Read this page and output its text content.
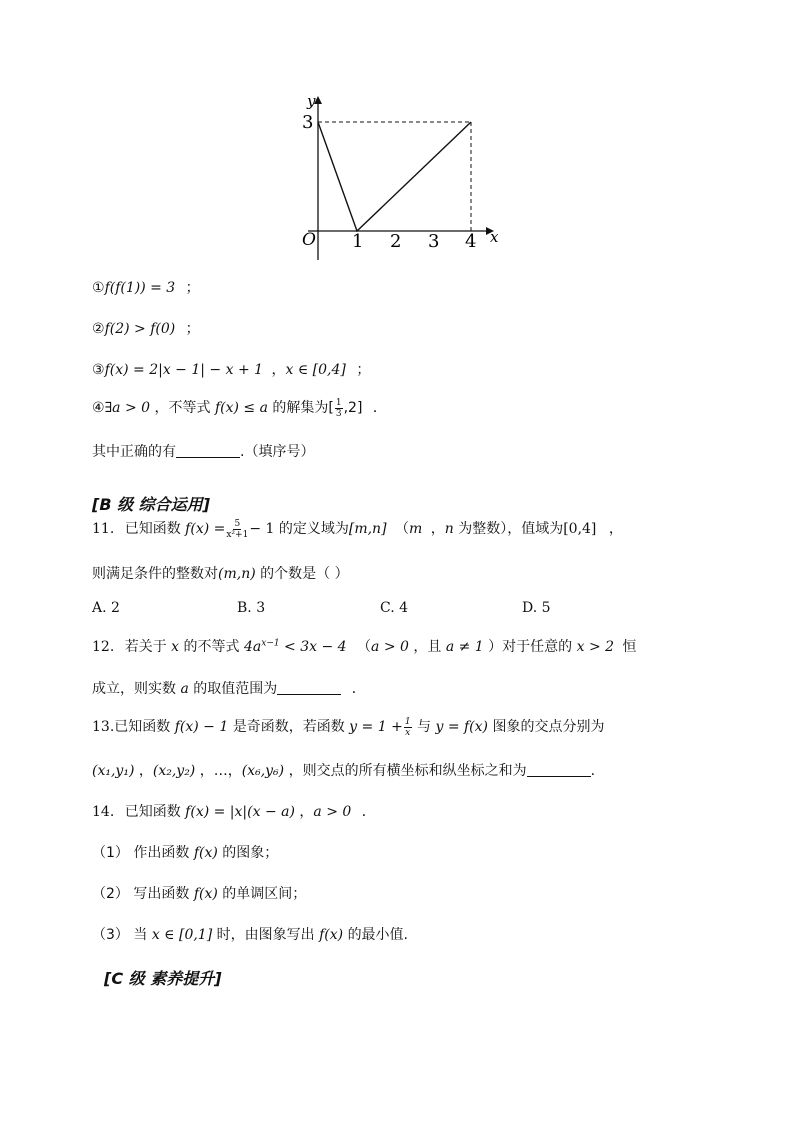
y
x
O
3
1 2 3 4
①f(f(1)) = 3 ；
②f(2) > f(0) ；
③f(x) = 2|x − 1| − x + 1 ，x ∈ [0,4] ；
④∃a > 0 ，不等式 f(x) ≤ a 的解集为[ $\frac{1}{3} ,2$] ．
其中正确的有	.（填序号）
[B 级 综合运用]
11. 已知函数 $f(x) = \frac{5}{\text{x²+1}} - 1$ 的定义域为[m,n] （m ，n 为整数），值域为[0,4] ，
则满足条件的整数对(m,n) 的个数是（ ）
A. 2	B. 3	C. 4	D. 5
12. 若关于 x 的不等式 $4a^{x-1} < 3x - 4$ （a > 0 ，且 a ≠ 1 ）对于任意的 x > 2 恒
成立，则实数 a 的取值范围为	．
13.已知函数 f(x) − 1 是奇函数，若函数 $y = 1 + \frac{1}{x}$ 与 y = f(x) 图象的交点分别为
(x₁,y₁) ，(x₂,y₂) ，…，(x₆,y₆) ，则交点的所有横坐标和纵坐标之和为	.
14. 已知函数 f(x) = |x|(x − a) ，a > 0 ．
（1） 作出函数 f(x) 的图象；
（2） 写出函数 f(x) 的单调区间；
（3） 当 x ∈ [0,1] 时，由图象写出 f(x) 的最小值.
[C 级 素养提升]
